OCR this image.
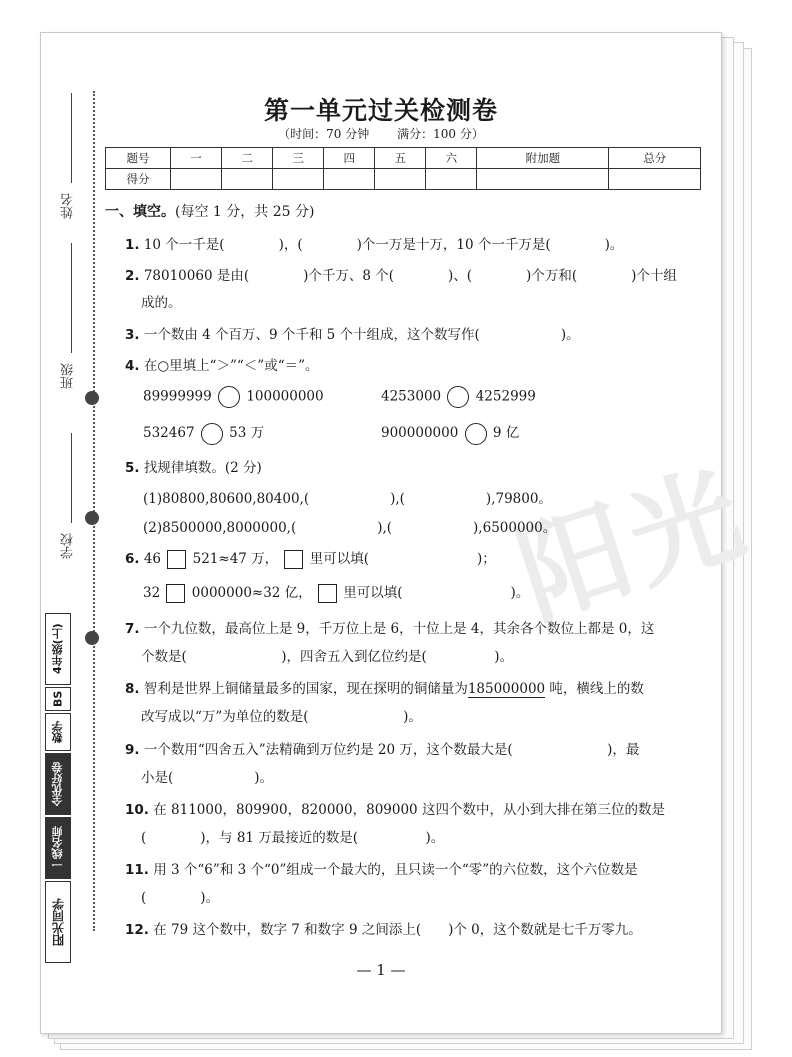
阳光
姓名
班级
学校
4年级(上)
BS
数学
全优好卷
一线名师
阳光同学
第一单元过关检测卷
（时间：70 分钟 满分：100 分）
题号	一	二	三	四	五	六	附加题	总分
得分								
一、填空。(每空 1 分，共 25 分)
1. 10 个一千是(　　　　)，(　　　　)个一万是十万，10 个一千万是(　　　　)。
2. 78010060 是由(　　　　)个千万、8 个(　　　　)、(　　　　)个万和(　　　　)个十组
成的。
3. 一个数由 4 个百万、9 个千和 5 个十组成，这个数写作(　　　　　　)。
4. 在○里填上“＞”“＜”或“＝”。
89999999	100000000	4253000	4252999
532467	53 万	900000000	9 亿
5. 找规律填数。(2 分)
(1)80800,80600,80400,(　　　　　　),(　　　　　　),79800。
(2)8500000,8000000,(　　　　　　),(　　　　　　),6500000。
6. 46 521≈47 万， 里可以填(　　　　　　　　)；
32 0000000≈32 亿， 里可以填(　　　　　　　　)。
7. 一个九位数，最高位上是 9，千万位上是 6，十位上是 4，其余各个数位上都是 0，这
个数是(　　　　　　　)，四舍五入到亿位约是(　　　　　)。
8. 智利是世界上铜储量最多的国家，现在探明的铜储量为185000000 吨，横线上的数
改写成以“万”为单位的数是(　　　　　　　)。
9. 一个数用“四舍五入”法精确到万位约是 20 万，这个数最大是(　　　　　　　)，最
小是(　　　　　　)。
10. 在 811000，809900，820000，809000 这四个数中，从小到大排在第三位的数是
(　　　　)，与 81 万最接近的数是(　　　　　)。
11. 用 3 个“6”和 3 个“0”组成一个最大的，且只读一个“零”的六位数，这个六位数是
(　　　　)。
12. 在 79 这个数中，数字 7 和数字 9 之间添上(　　)个 0，这个数就是七千万零九。
— 1 —
